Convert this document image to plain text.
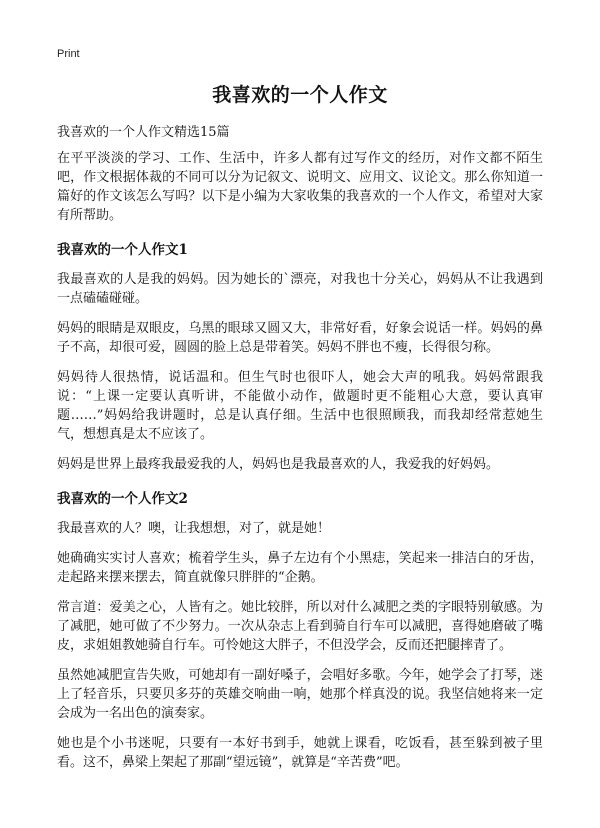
Print
我喜欢的一个人作文

我喜欢的一个人作文精选15篇

在平平淡淡的学习、工作、生活中，许多人都有过写作文的经历，对作文都不陌生吧，作文根据体裁的不同可以分为记叙文、说明文、应用文、议论文。那么你知道一篇好的作文该怎么写吗？以下是小编为大家收集的我喜欢的一个人作文，希望对大家有所帮助。

我喜欢的一个人作文1

我最喜欢的人是我的妈妈。因为她长的`漂亮，对我也十分关心，妈妈从不让我遇到一点磕磕碰碰。

妈妈的眼睛是双眼皮，乌黑的眼球又圆又大，非常好看，好象会说话一样。妈妈的鼻子不高，却很可爱，圆圆的脸上总是带着笑。妈妈不胖也不瘦，长得很匀称。

妈妈待人很热情，说话温和。但生气时也很吓人，她会大声的吼我。妈妈常跟我说：“上课一定要认真听讲，不能做小动作，做题时更不能粗心大意，要认真审题……”妈妈给我讲题时，总是认真仔细。生活中也很照顾我，而我却经常惹她生气，想想真是太不应该了。

妈妈是世界上最疼我最爱我的人，妈妈也是我最喜欢的人，我爱我的好妈妈。

我喜欢的一个人作文2

我最喜欢的人？噢，让我想想，对了，就是她！

她确确实实讨人喜欢；梳着学生头，鼻子左边有个小黑痣，笑起来一排洁白的牙齿，走起路来摆来摆去，简直就像只胖胖的“企鹅。

常言道：爱美之心，人皆有之。她比较胖，所以对什么减肥之类的字眼特别敏感。为了减肥，她可做了不少努力。一次从杂志上看到骑自行车可以减肥，喜得她磨破了嘴皮，求姐姐教她骑自行车。可怜她这大胖子，不但没学会，反而还把腿摔青了。

虽然她减肥宣告失败，可她却有一副好嗓子，会唱好多歌。今年，她学会了打琴，迷上了轻音乐，只要贝多芬的英雄交响曲一响，她那个样真没的说。我坚信她将来一定会成为一名出色的演奏家。

她也是个小书迷呢，只要有一本好书到手，她就上课看，吃饭看，甚至躲到被子里看。这不，鼻梁上架起了那副“望远镜”，就算是“辛苦费”吧。
